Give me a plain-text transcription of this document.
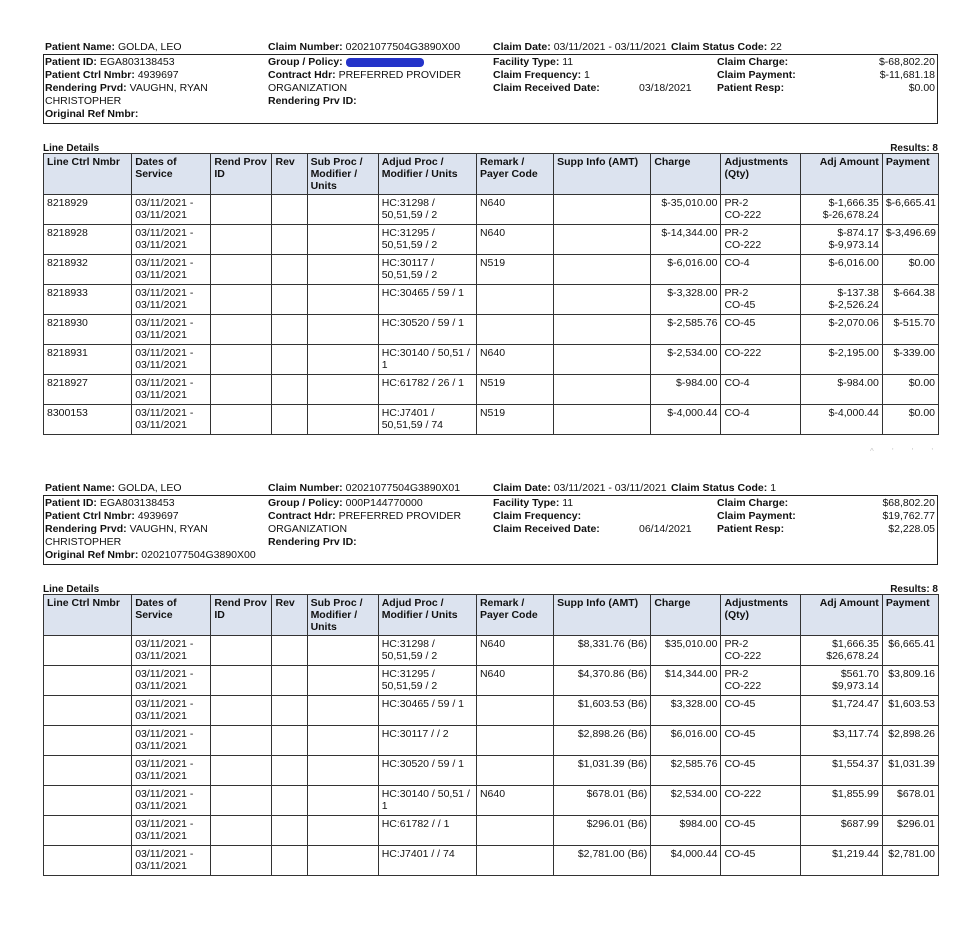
Patient Name: GOLDA, LEO	Claim Number: 02021077504G3890X00	Claim Date: 03/11/2021 - 03/11/2021 Claim Status Code: 22
Patient ID: EGA803138453	Group / Policy:	Facility Type: 11	Claim Charge:	$-68,802.20
Patient Ctrl Nmbr: 4939697	Contract Hdr: PREFERRED PROVIDER	Claim Frequency: 1	Claim Payment:	$-11,681.18
Rendering Prvd: VAUGHN, RYAN	ORGANIZATION	Claim Received Date:	03/18/2021 Patient Resp:	$0.00
CHRISTOPHER	Rendering Prv ID:
Original Ref Nmbr:
Line Details	Results: 8
Line Ctrl Nmbr	Dates of
Service	Rend Prov
ID	Rev	Sub Proc /
Modifier /
Units	Adjud Proc /
Modifier / Units	Remark /
Payer Code	Supp Info (AMT)	Charge	Adjustments
(Qty)	Adj Amount	Payment
8218929	03/11/2021 -
03/11/2021				HC:31298 /
50,51,59 / 2	N640		$-35,010.00	PR-2
CO-222	$-1,666.35
$-26,678.24	$-6,665.41
8218928	03/11/2021 -
03/11/2021				HC:31295 /
50,51,59 / 2	N640		$-14,344.00	PR-2
CO-222	$-874.17
$-9,973.14	$-3,496.69
8218932	03/11/2021 -
03/11/2021				HC:30117 /
50,51,59 / 2	N519		$-6,016.00	CO-4	$-6,016.00	$0.00
8218933	03/11/2021 -
03/11/2021				HC:30465 / 59 / 1			$-3,328.00	PR-2
CO-45	$-137.38
$-2,526.24	$-664.38
8218930	03/11/2021 -
03/11/2021				HC:30520 / 59 / 1			$-2,585.76	CO-45	$-2,070.06	$-515.70
8218931	03/11/2021 -
03/11/2021				HC:30140 / 50,51 /
1	N640		$-2,534.00	CO-222	$-2,195.00	$-339.00
8218927	03/11/2021 -
03/11/2021				HC:61782 / 26 / 1	N519		$-984.00	CO-4	$-984.00	$0.00
8300153	03/11/2021 -
03/11/2021				HC:J7401 /
50,51,59 / 74	N519		$-4,000.44	CO-4	$-4,000.44	$0.00
Patient Name: GOLDA, LEO	Claim Number: 02021077504G3890X01	Claim Date: 03/11/2021 - 03/11/2021 Claim Status Code: 1
Patient ID: EGA803138453	Group / Policy: 000P144770000	Facility Type: 11	Claim Charge:	$68,802.20
Patient Ctrl Nmbr: 4939697	Contract Hdr: PREFERRED PROVIDER	Claim Frequency:	Claim Payment:	$19,762.77
Rendering Prvd: VAUGHN, RYAN	ORGANIZATION	Claim Received Date:	06/14/2021 Patient Resp:	$2,228.05
CHRISTOPHER	Rendering Prv ID:
Original Ref Nmbr: 02021077504G3890X00
Line Details	Results: 8
Line Ctrl Nmbr	Dates of
Service	Rend Prov
ID	Rev	Sub Proc /
Modifier /
Units	Adjud Proc /
Modifier / Units	Remark /
Payer Code	Supp Info (AMT)	Charge	Adjustments
(Qty)	Adj Amount	Payment
	03/11/2021 -
03/11/2021				HC:31298 /
50,51,59 / 2	N640	$8,331.76 (B6)	$35,010.00	PR-2
CO-222	$1,666.35
$26,678.24	$6,665.41
	03/11/2021 -
03/11/2021				HC:31295 /
50,51,59 / 2	N640	$4,370.86 (B6)	$14,344.00	PR-2
CO-222	$561.70
$9,973.14	$3,809.16
	03/11/2021 -
03/11/2021				HC:30465 / 59 / 1		$1,603.53 (B6)	$3,328.00	CO-45	$1,724.47	$1,603.53
	03/11/2021 -
03/11/2021				HC:30117 / / 2		$2,898.26 (B6)	$6,016.00	CO-45	$3,117.74	$2,898.26
	03/11/2021 -
03/11/2021				HC:30520 / 59 / 1		$1,031.39 (B6)	$2,585.76	CO-45	$1,554.37	$1,031.39
	03/11/2021 -
03/11/2021				HC:30140 / 50,51 /
1	N640	$678.01 (B6)	$2,534.00	CO-222	$1,855.99	$678.01
	03/11/2021 -
03/11/2021				HC:61782 / / 1		$296.01 (B6)	$984.00	CO-45	$687.99	$296.01
	03/11/2021 -
03/11/2021				HC:J7401 / / 74		$2,781.00 (B6)	$4,000.44	CO-45	$1,219.44	$2,781.00
^ ' ' '
